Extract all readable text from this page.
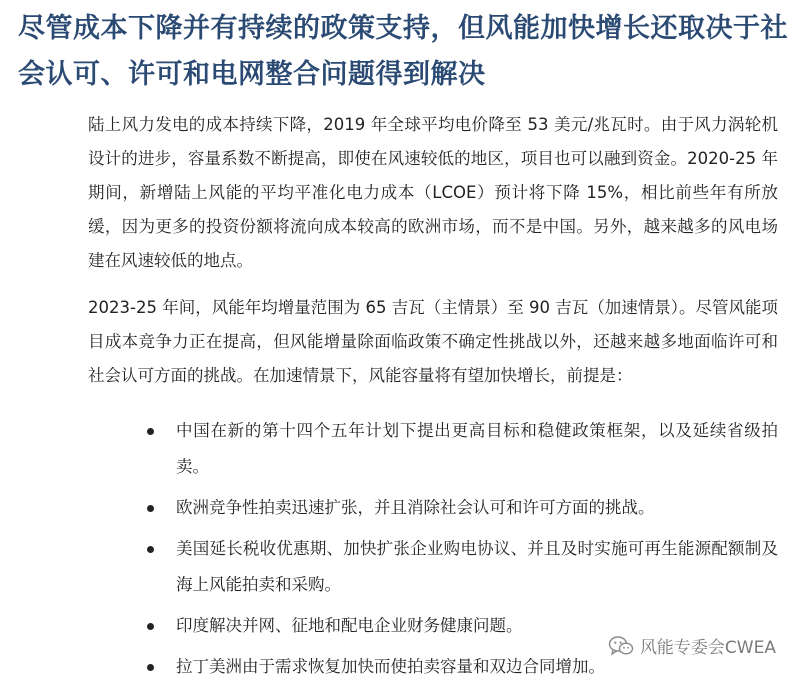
尽管成本下降并有持续的政策支持，但风能加快增长还取决于社会认可、许可和电网整合问题得到解决

陆上风力发电的成本持续下降，2019 年全球平均电价降至 53 美元/兆瓦时。由于风力涡轮机设计的进步，容量系数不断提高，即使在风速较低的地区，项目也可以融到资金。2020-25 年期间，新增陆上风能的平均平准化电力成本（LCOE）预计将下降 15%，相比前些年有所放缓，因为更多的投资份额将流向成本较高的欧洲市场，而不是中国。另外，越来越多的风电场建在风速较低的地点。

2023-25 年间，风能年均增量范围为 65 吉瓦（主情景）至 90 吉瓦（加速情景）。尽管风能项目成本竞争力正在提高，但风能增量除面临政策不确定性挑战以外，还越来越多地面临许可和社会认可方面的挑战。在加速情景下，风能容量将有望加快增长，前提是：

中国在新的第十四个五年计划下提出更高目标和稳健政策框架，以及延续省级拍卖。
欧洲竞争性拍卖迅速扩张，并且消除社会认可和许可方面的挑战。
美国延长税收优惠期、加快扩张企业购电协议、并且及时实施可再生能源配额制及海上风能拍卖和采购。
印度解决并网、征地和配电企业财务健康问题。
拉丁美洲由于需求恢复加快而使拍卖容量和双边合同增加。
风能专委会CWEA
